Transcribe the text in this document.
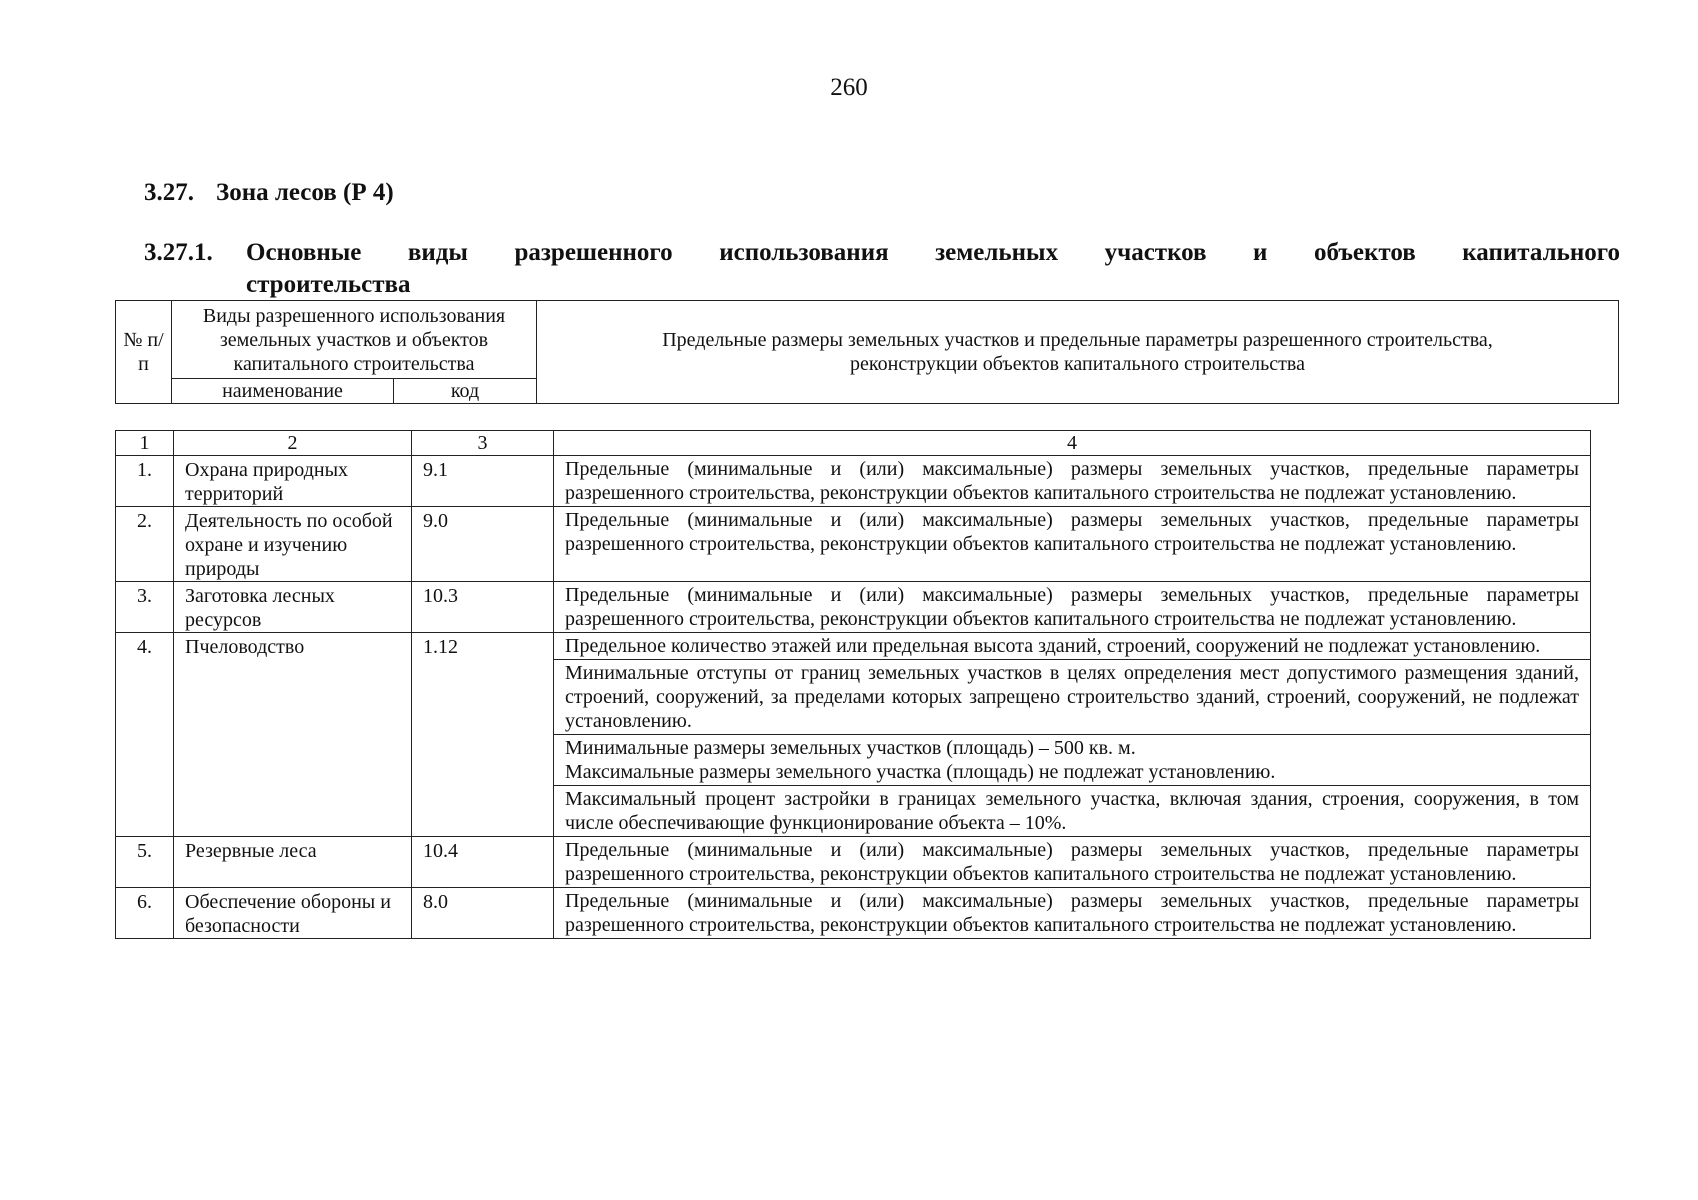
260
3.27. Зона лесов (Р 4)
3.27.1. Основные виды разрешенного использования земельных участков и объектов капитального
строительства
№ п/п	Виды разрешенного использования земельных участков и объектов капитального строительства		Предельные размеры земельных участков и предельные параметры разрешенного строительства, реконструкции объектов капитального строительства
	наименование	код	
1	2	3	4
1.	Охрана природных территорий	9.1	Предельные (минимальные и (или) максимальные) размеры земельных участков, предельные параметры разрешенного строительства, реконструкции объектов капитального строительства не подлежат установлению.
2.	Деятельность по особой охране и изучению природы	9.0	Предельные (минимальные и (или) максимальные) размеры земельных участков, предельные параметры разрешенного строительства, реконструкции объектов капитального строительства не подлежат установлению.
3.	Заготовка лесных ресурсов	10.3	Предельные (минимальные и (или) максимальные) размеры земельных участков, предельные параметры разрешенного строительства, реконструкции объектов капитального строительства не подлежат установлению.
4.	Пчеловодство	1.12	Предельное количество этажей или предельная высота зданий, строений, сооружений не подлежат установлению.
			Минимальные отступы от границ земельных участков в целях определения мест допустимого размещения зданий, строений, сооружений, за пределами которых запрещено строительство зданий, строений, сооружений, не подлежат установлению.

			Минимальные размеры земельных участков (площадь) – 500 кв. м.
Максимальные размеры земельного участка (площадь) не подлежат установлению.

			Максимальный процент застройки в границах земельного участка, включая здания, строения, сооружения, в том числе обеспечивающие функционирование объекта – 10%.
5.	Резервные леса	10.4	Предельные (минимальные и (или) максимальные) размеры земельных участков, предельные параметры разрешенного строительства, реконструкции объектов капитального строительства не подлежат установлению.
6.	Обеспечение обороны и безопасности	8.0	Предельные (минимальные и (или) максимальные) размеры земельных участков, предельные параметры разрешенного строительства, реконструкции объектов капитального строительства не подлежат установлению.
